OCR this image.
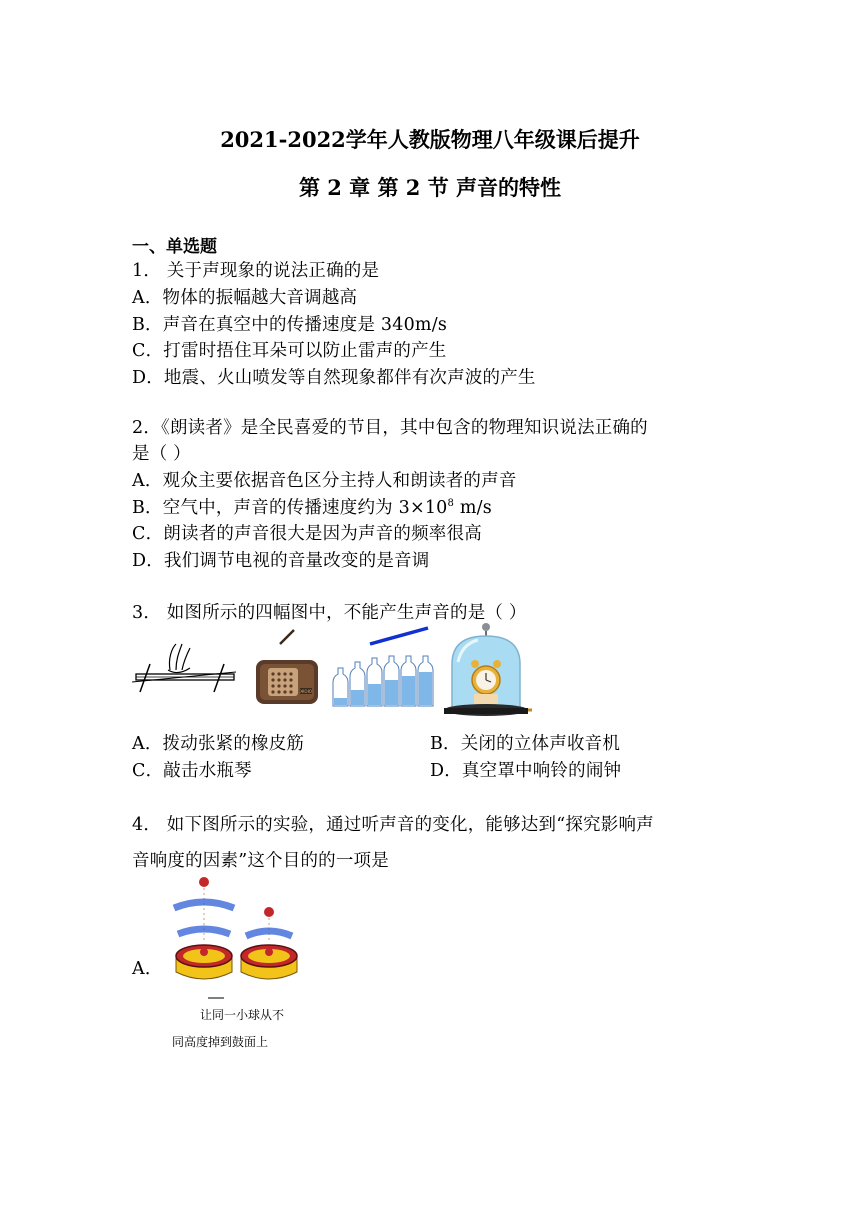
2021-2022学年人教版物理八年级课后提升
第 2 章 第 2 节 声音的特性
一、单选题
1． 关于声现象的说法正确的是
A．物体的振幅越大音调越高
B．声音在真空中的传播速度是 340m/s
C．打雷时捂住耳朵可以防止雷声的产生
D．地震、火山喷发等自然现象都伴有次声波的产生
2．《朗读者》是全民喜爱的节目，其中包含的物理知识说法正确的
是（ ）
A．观众主要依据音色区分主持人和朗读者的声音
B．空气中，声音的传播速度约为 $3\times 10^8$ m/s
C．朗读者的声音很大是因为声音的频率很高
D．我们调节电视的音量改变的是音调
3． 如图所示的四幅图中，不能产生声音的是（ ）
ЖOЮ
A．拨动张紧的橡皮筋	B．关闭的立体声收音机
C．敲击水瓶琴	D．真空罩中响铃的闹钟
4． 如下图所示的实验，通过听声音的变化，能够达到“探究影响声
音响度的因素”这个目的的一项是
A．
让同一小球从不
同高度掉到鼓面上
